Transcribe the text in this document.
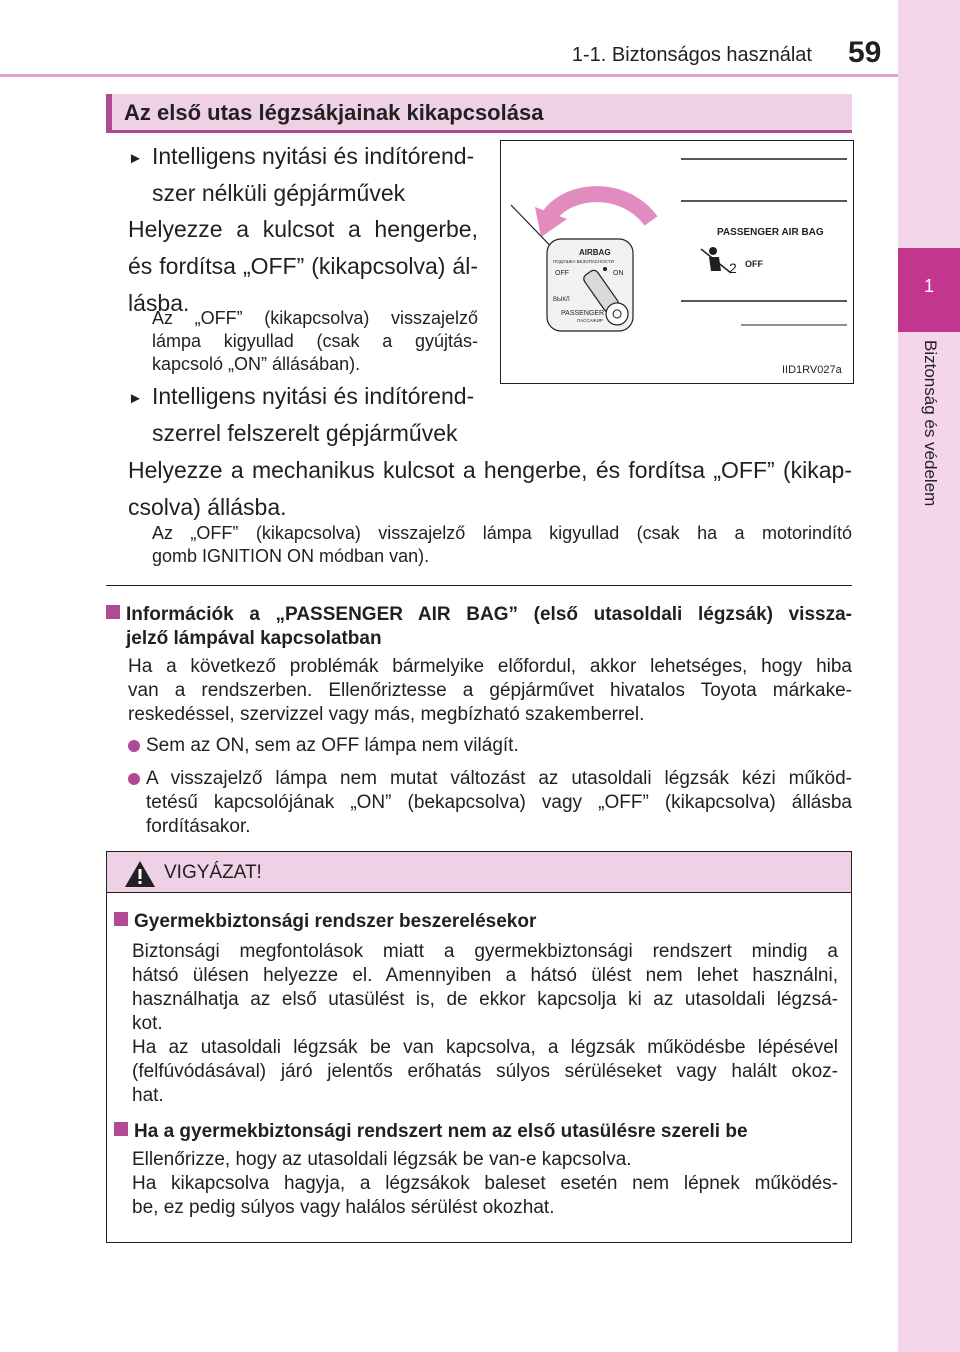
1-1. Biztonságos használat 59
1
Biztonság és védelem
Az első utas légzsákjainak kikapcsolása
► Intelligens nyitási és indítórend-
szer nélküli gépjárművek
Helyezze a kulcsot a hengerbe,
és fordítsa „OFF” (kikapcsolva) ál-
lásba.
Az „OFF” (kikapcsolva) visszajelző
lámpa kigyullad (csak a gyújtás-
kapcsoló „ON” állásában).
AIRBAG
ПОДУШКА БЕЗОПАСНОСТИ
OFF	ON
ВЫКЛ
PASSENGER
ПАССАЖИР
PASSENGER AIR BAG
2 OFF
IID1RV027a
► Intelligens nyitási és indítórend-
szerrel felszerelt gépjárművek
Helyezze a mechanikus kulcsot a hengerbe, és fordítsa „OFF” (kikap-
csolva) állásba.
Az „OFF” (kikapcsolva) visszajelző lámpa kigyullad (csak ha a motorindító
gomb IGNITION ON módban van).
Információk a „PASSENGER AIR BAG” (első utasoldali légzsák) vissza-
jelző lámpával kapcsolatban
Ha a következő problémák bármelyike előfordul, akkor lehetséges, hogy hiba
van a rendszerben. Ellenőriztesse a gépjárművet hivatalos Toyota márkake-
reskedéssel, szervizzel vagy más, megbízható szakemberrel.
Sem az ON, sem az OFF lámpa nem világít.
A visszajelző lámpa nem mutat változást az utasoldali légzsák kézi működ-
tetésű kapcsolójának „ON” (bekapcsolva) vagy „OFF” (kikapcsolva) állásba
fordításakor.
VIGYÁZAT!
Gyermekbiztonsági rendszer beszerelésekor
Biztonsági megfontolások miatt a gyermekbiztonsági rendszert mindig a
hátsó ülésen helyezze el. Amennyiben a hátsó ülést nem lehet használni,
használhatja az első utasülést is, de ekkor kapcsolja ki az utasoldali légzsá-
kot.
Ha az utasoldali légzsák be van kapcsolva, a légzsák működésbe lépésével
(felfúvódásával) járó jelentős erőhatás súlyos sérüléseket vagy halált okoz-
hat.
Ha a gyermekbiztonsági rendszert nem az első utasülésre szereli be
Ellenőrizze, hogy az utasoldali légzsák be van-e kapcsolva.
Ha kikapcsolva hagyja, a légzsákok baleset esetén nem lépnek működés-
be, ez pedig súlyos vagy halálos sérülést okozhat.
